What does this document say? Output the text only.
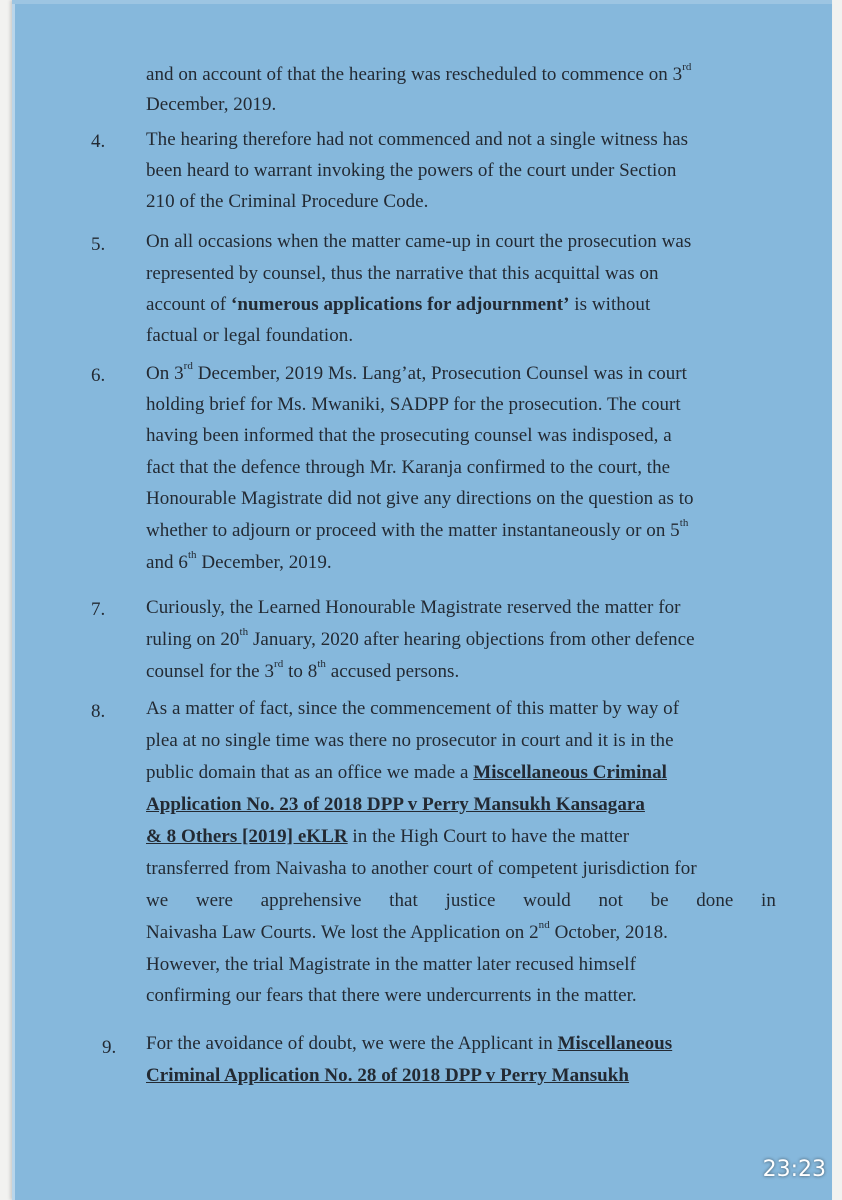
and on account of that the hearing was rescheduled to commence on 3rd
December, 2019.
4. The hearing therefore had not commenced and not a single witness has
been heard to warrant invoking the powers of the court under Section
210 of the Criminal Procedure Code.
5. On all occasions when the matter came-up in court the prosecution was
represented by counsel, thus the narrative that this acquittal was on
account of ‘numerous applications for adjournment’ is without
factual or legal foundation.
6. On 3rd December, 2019 Ms. Lang’at, Prosecution Counsel was in court
holding brief for Ms. Mwaniki, SADPP for the prosecution. The court
having been informed that the prosecuting counsel was indisposed, a
fact that the defence through Mr. Karanja confirmed to the court, the
Honourable Magistrate did not give any directions on the question as to
whether to adjourn or proceed with the matter instantaneously or on 5th
and 6th December, 2019.
7. Curiously, the Learned Honourable Magistrate reserved the matter for
ruling on 20th January, 2020 after hearing objections from other defence
counsel for the 3rd to 8th accused persons.
8. As a matter of fact, since the commencement of this matter by way of
plea at no single time was there no prosecutor in court and it is in the
public domain that as an office we made a Miscellaneous Criminal
Application No. 23 of 2018 DPP v Perry Mansukh Kansagara
& 8 Others [2019] eKLR in the High Court to have the matter
transferred from Naivasha to another court of competent jurisdiction for
we were apprehensive that justice would not be done in
Naivasha Law Courts. We lost the Application on 2nd October, 2018.
However, the trial Magistrate in the matter later recused himself
confirming our fears that there were undercurrents in the matter.
9. For the avoidance of doubt, we were the Applicant in Miscellaneous
Criminal Application No. 28 of 2018 DPP v Perry Mansukh
23:23
